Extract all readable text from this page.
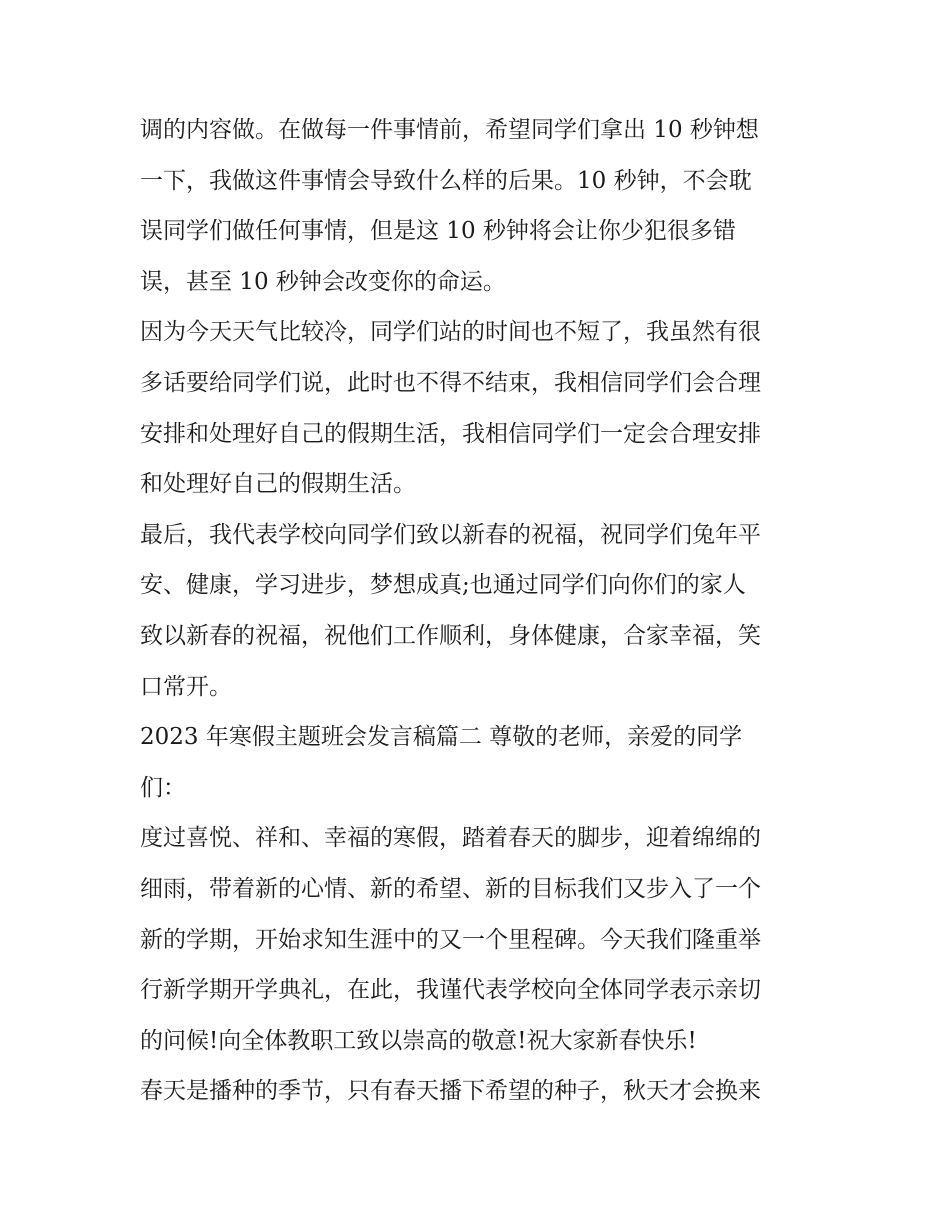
调的内容做。在做每一件事情前，希望同学们拿出 10 秒钟想
一下，我做这件事情会导致什么样的后果。10 秒钟，不会耽
误同学们做任何事情，但是这 10 秒钟将会让你少犯很多错
误，甚至 10 秒钟会改变你的命运。
因为今天天气比较冷，同学们站的时间也不短了，我虽然有很
多话要给同学们说，此时也不得不结束，我相信同学们会合理
安排和处理好自己的假期生活，我相信同学们一定会合理安排
和处理好自己的假期生活。
最后，我代表学校向同学们致以新春的祝福，祝同学们兔年平
安、健康，学习进步，梦想成真;也通过同学们向你们的家人
致以新春的祝福，祝他们工作顺利，身体健康，合家幸福，笑
口常开。
2023 年寒假主题班会发言稿篇二 尊敬的老师，亲爱的同学
们：
度过喜悦、祥和、幸福的寒假，踏着春天的脚步，迎着绵绵的
细雨，带着新的心情、新的希望、新的目标我们又步入了一个
新的学期，开始求知生涯中的又一个里程碑。今天我们隆重举
行新学期开学典礼，在此，我谨代表学校向全体同学表示亲切
的问候!向全体教职工致以崇高的敬意!祝大家新春快乐!
春天是播种的季节，只有春天播下希望的种子，秋天才会换来
